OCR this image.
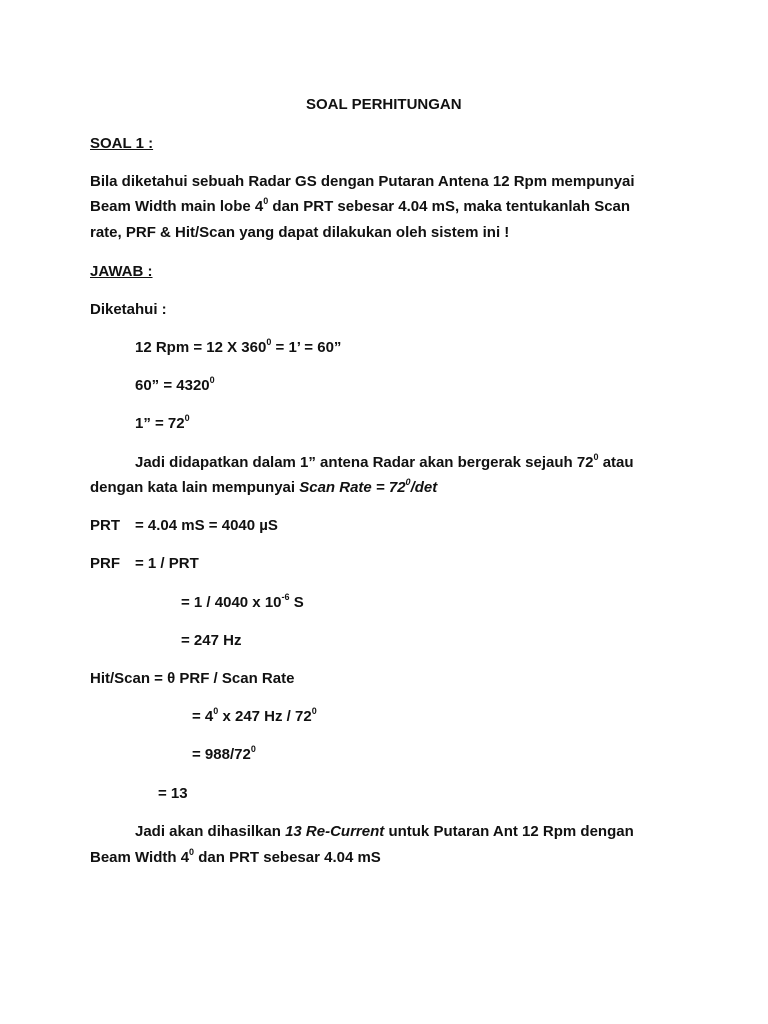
SOAL PERHITUNGAN
SOAL 1 :
Bila diketahui sebuah Radar GS dengan Putaran Antena 12 Rpm mempunyai
Beam Width main lobe $4^0$ dan PRT sebesar 4.04 mS, maka tentukanlah Scan
rate, PRF & Hit/Scan yang dapat dilakukan oleh sistem ini !
JAWAB :
Diketahui :
12 Rpm = 12 X $360^0 = 1$’ = 60”
60” = $4320^0$
1” = $72^0$
Jadi didapatkan dalam 1” antena Radar akan bergerak sejauh $72^0$ atau
dengan kata lain mempunyai Scan Rate = $72^0/\det$
PRT = 4.04 mS = 4040 µS
PRF = 1 / PRT
= 1 / 4040 x $10^{-6}$ S
= 247 Hz
Hit/Scan = θ PRF / Scan Rate
= $4^0$ x 247 Hz / $72^0$
= $988/72^0$
= 13
Jadi akan dihasilkan 13 Re-Current untuk Putaran Ant 12 Rpm dengan
Beam Width $4^0$ dan PRT sebesar 4.04 mS
